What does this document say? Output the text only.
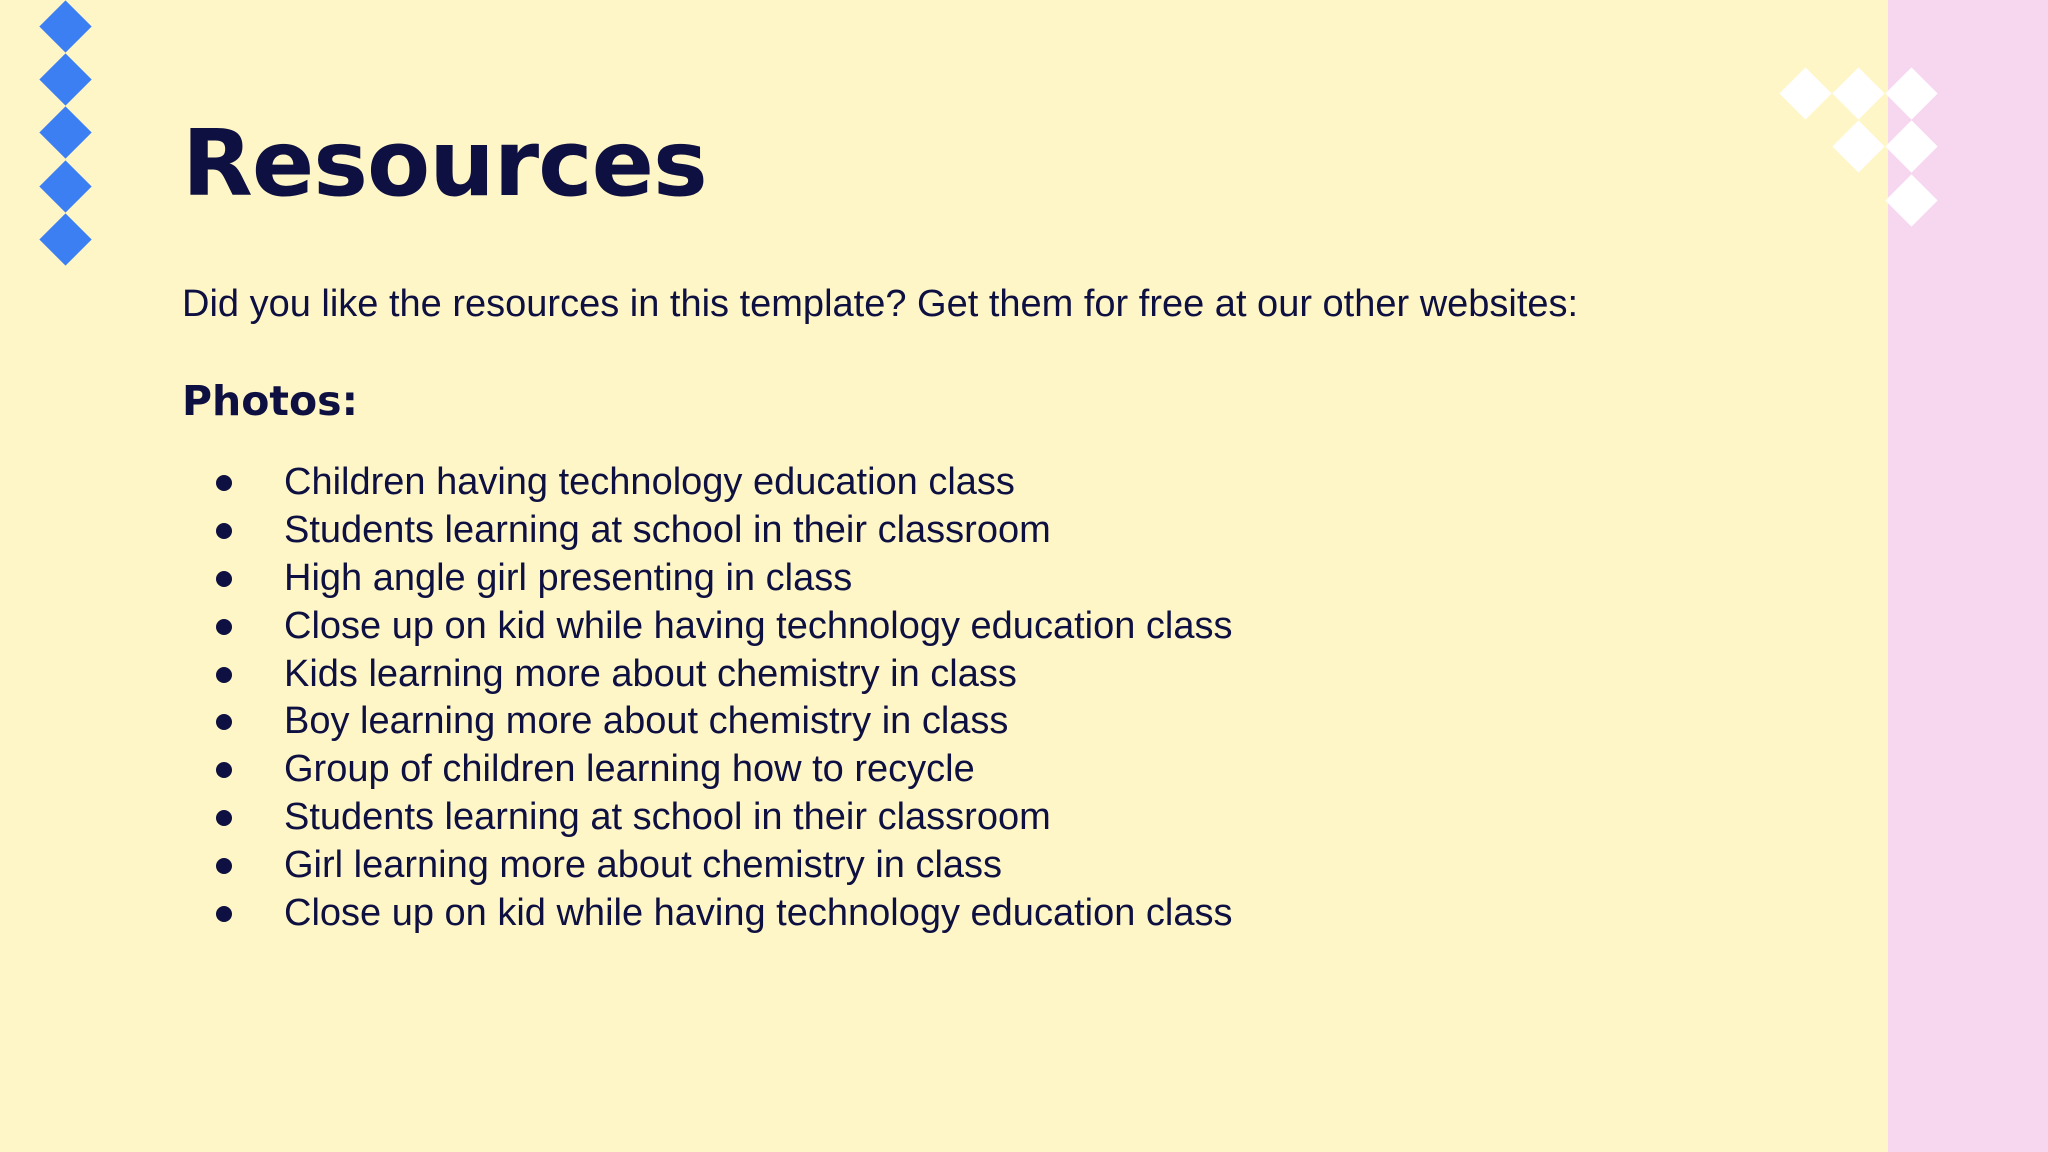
Resources

Did you like the resources in this template? Get them for free at our other websites:

Photos:
Children having technology education class
Students learning at school in their classroom
High angle girl presenting in class
Close up on kid while having technology education class
Kids learning more about chemistry in class
Boy learning more about chemistry in class
Group of children learning how to recycle
Students learning at school in their classroom
Girl learning more about chemistry in class
Close up on kid while having technology education class
